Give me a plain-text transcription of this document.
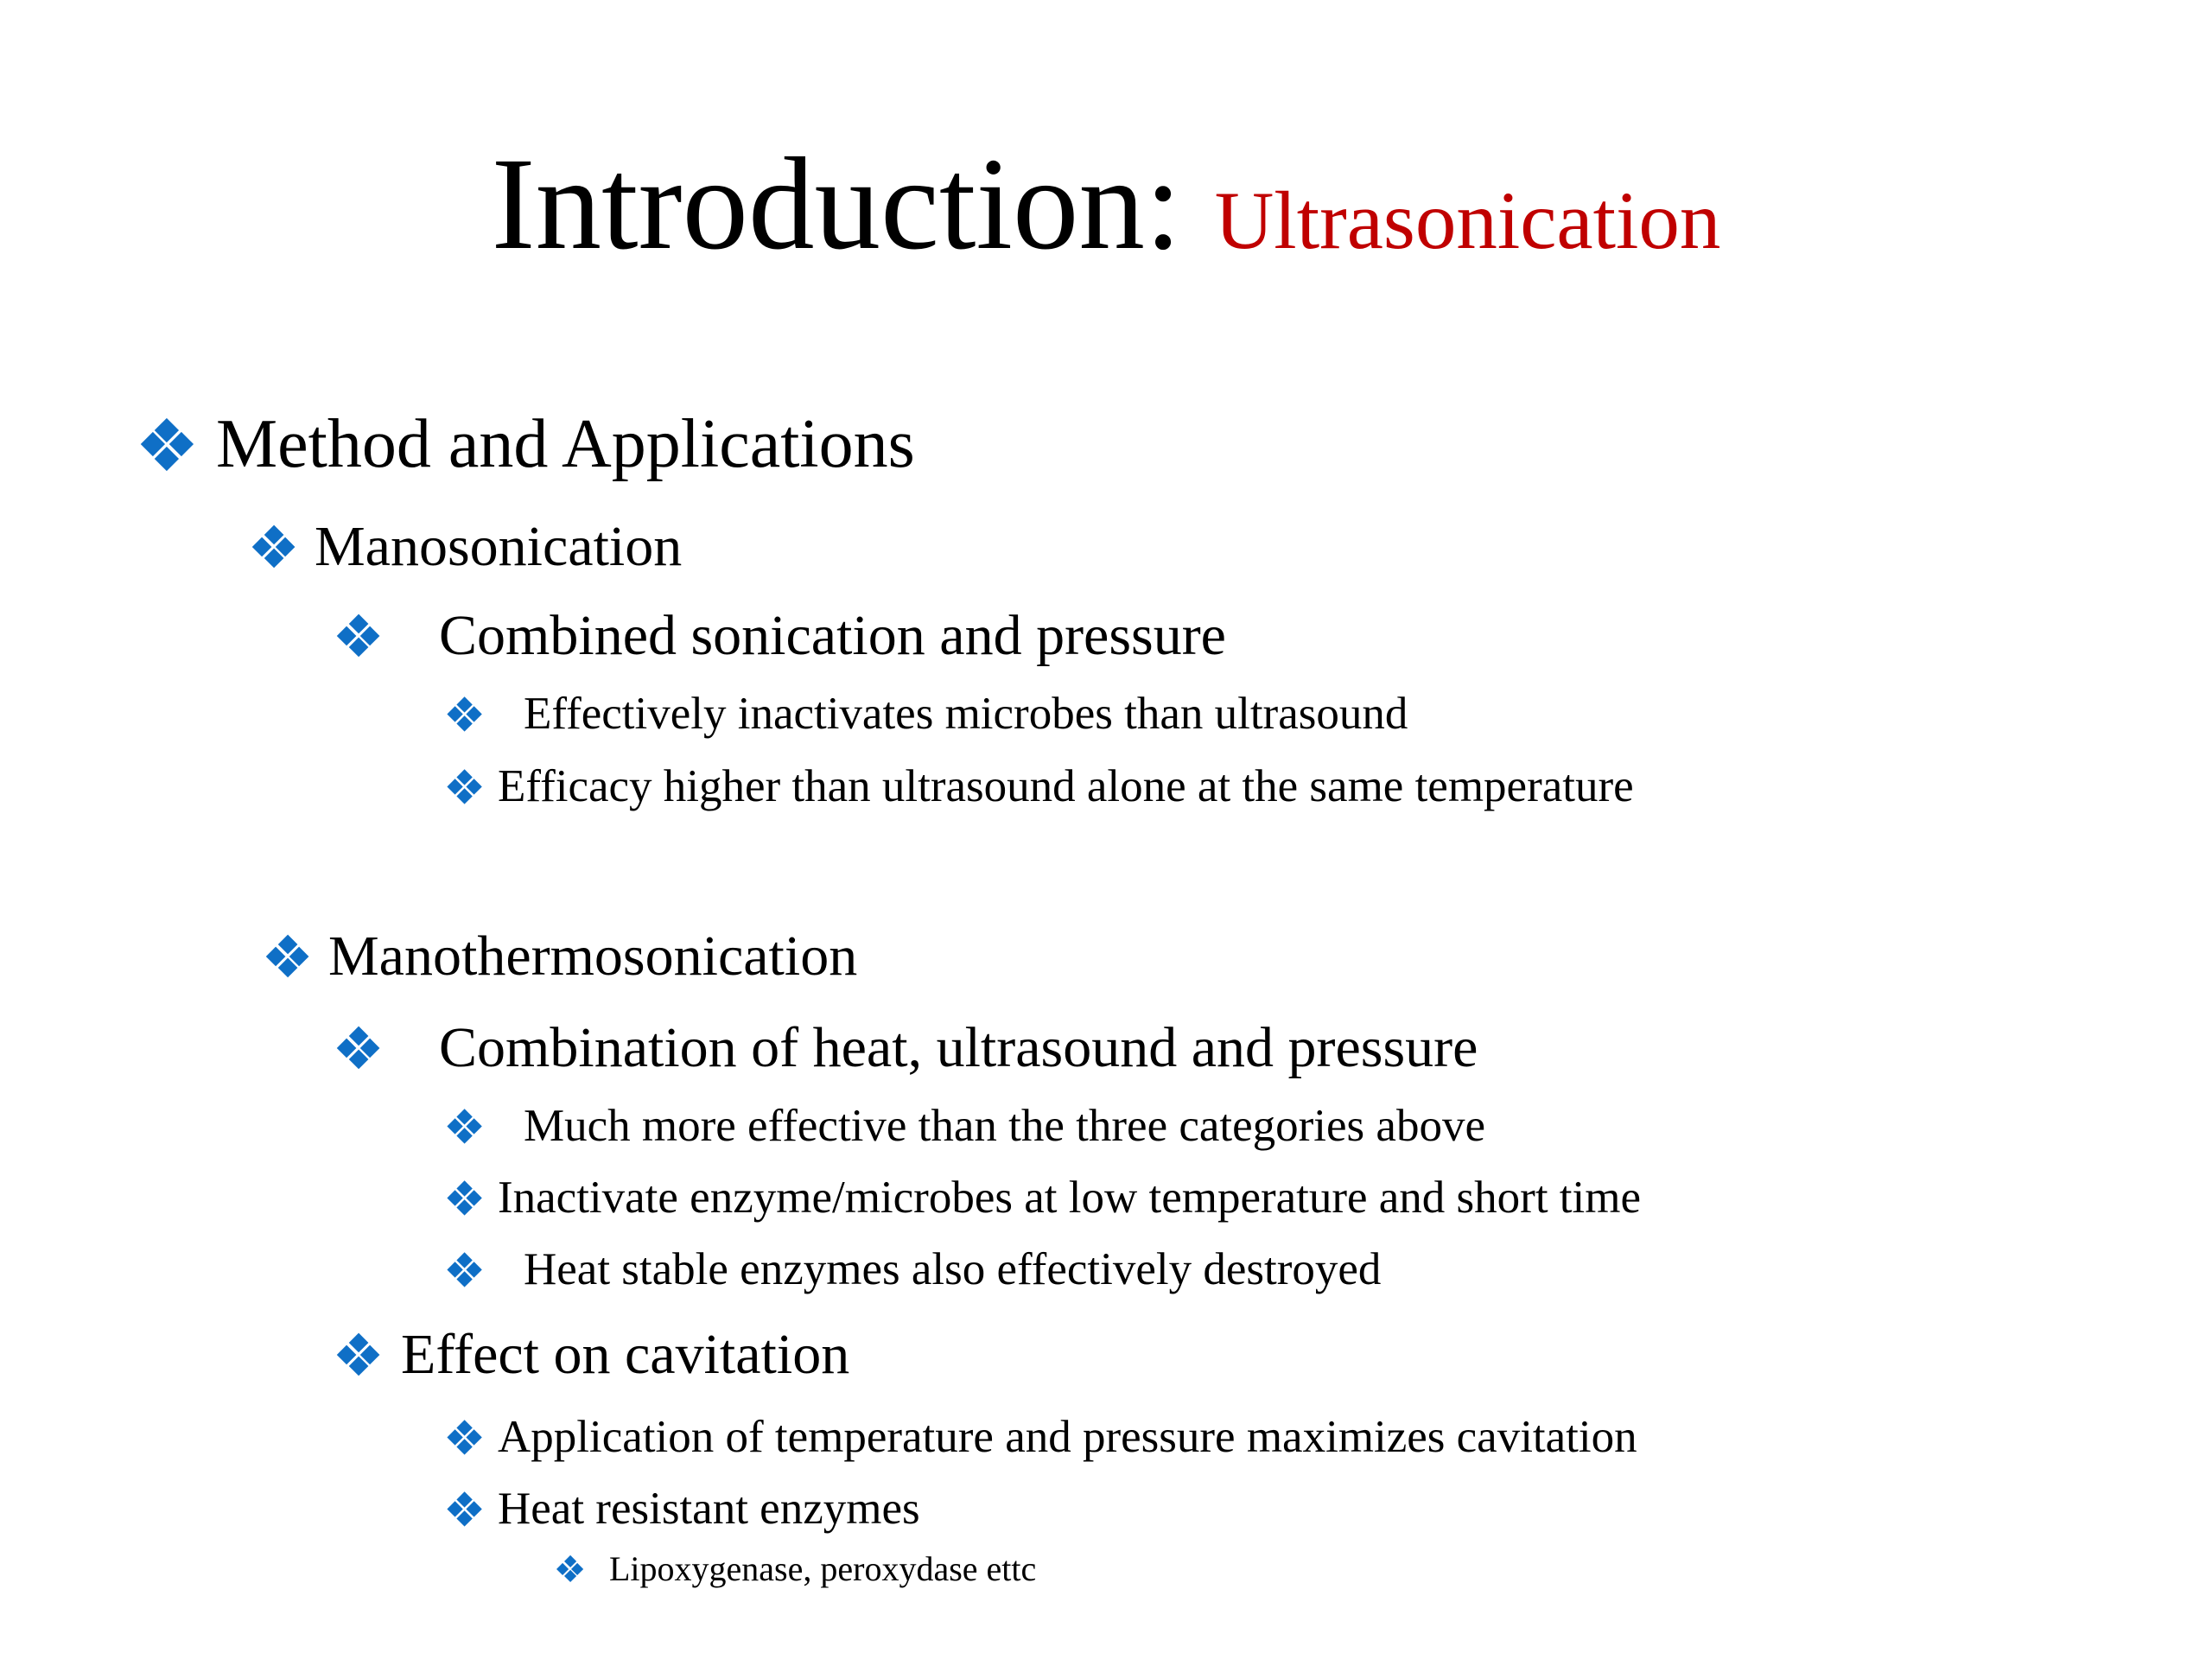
Introduction: Ultrasonication
Method and Applications
Manosonication
Combined sonication and pressure
Effectively inactivates microbes than ultrasound
Efficacy higher than ultrasound alone at the same temperature
Manothermosonication
Combination of heat, ultrasound and pressure
Much more effective than the three categories above
Inactivate enzyme/microbes at low temperature and short time
Heat stable enzymes also effectively destroyed
Effect on cavitation
Application of temperature and pressure maximizes cavitation
Heat resistant enzymes
Lipoxygenase, peroxydase ettc
